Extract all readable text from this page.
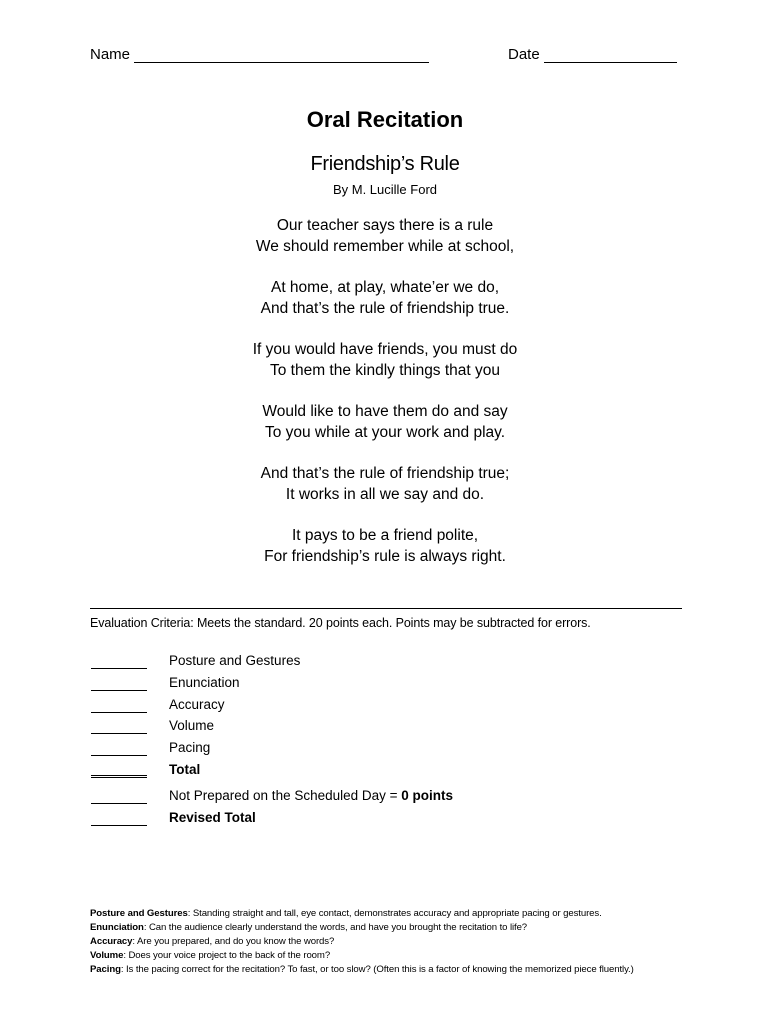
Name	Date
Oral Recitation
Friendship’s Rule
By M. Lucille Ford
Our teacher says there is a rule
We should remember while at school,
At home, at play, whate’er we do,
And that’s the rule of friendship true.
If you would have friends, you must do
To them the kindly things that you
Would like to have them do and say
To you while at your work and play.
And that’s the rule of friendship true;
It works in all we say and do.
It pays to be a friend polite,
For friendship’s rule is always right.
Evaluation Criteria: Meets the standard. 20 points each. Points may be subtracted for errors.
Posture and Gestures
Enunciation
Accuracy
Volume
Pacing
Total
Not Prepared on the Scheduled Day = 0 points
Revised Total
Posture and Gestures: Standing straight and tall, eye contact, demonstrates accuracy and appropriate pacing or gestures.
Enunciation: Can the audience clearly understand the words, and have you brought the recitation to life?
Accuracy: Are you prepared, and do you know the words?
Volume: Does your voice project to the back of the room?
Pacing: Is the pacing correct for the recitation? To fast, or too slow? (Often this is a factor of knowing the memorized piece fluently.)
